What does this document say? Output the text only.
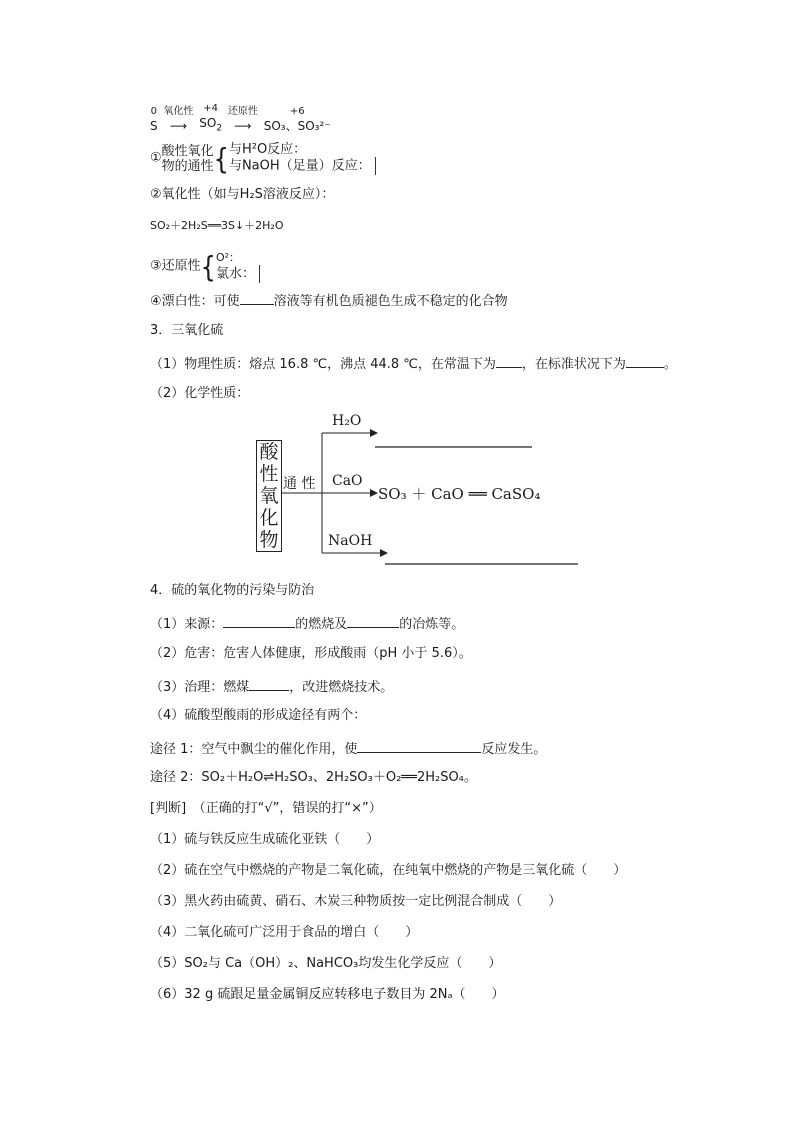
0
S 氧化性
⟶ +4
$SO_2$ 还原性
⟶ +6
SO₃、SO₃²⁻
①酸性氧化
物的通性{与H²O反应：
与NaOH（足量）反应：
②氧化性（如与H₂S溶液反应）：
SO₂＋2H₂S══3S↓＋2H₂O
③还原性{O²：
氯水：
④漂白性：可使	溶液等有机色质褪色生成不稳定的化合物
3．三氧化硫
（1）物理性质：熔点 16.8 ℃，沸点 44.8 ℃，在常温下为 ，在标准状况下为	。
（2）化学性质：
酸
性
氧
化
物
通 性
H₂O
CaO
NaOH
SO₃ ＋ CaO ══ CaSO₄
4．硫的氧化物的污染与防治
（1）来源：	的燃烧及	的冶炼等。
（2）危害：危害人体健康，形成酸雨（pH 小于 5.6）。
（3）治理：燃煤	，改进燃烧技术。
（4）硫酸型酸雨的形成途径有两个：
途径 1：空气中飘尘的催化作用，使	反应发生。
途径 2：SO₂＋H₂O⇌H₂SO₃、2H₂SO₃＋O₂══2H₂SO₄。
[判断]　（正确的打“√”，错误的打“×”）
（1）硫与铁反应生成硫化亚铁（　　）
（2）硫在空气中燃烧的产物是二氧化硫，在纯氧中燃烧的产物是三氧化硫（　　）
（3）黑火药由硫黄、硝石、木炭三种物质按一定比例混合制成（　　）
（4）二氧化硫可广泛用于食品的增白（　　）
（5）SO₂与 Ca（OH）₂、NaHCO₃均发生化学反应（　　）
（6）32 g 硫跟足量金属铜反应转移电子数目为 2Nₐ（　　）
